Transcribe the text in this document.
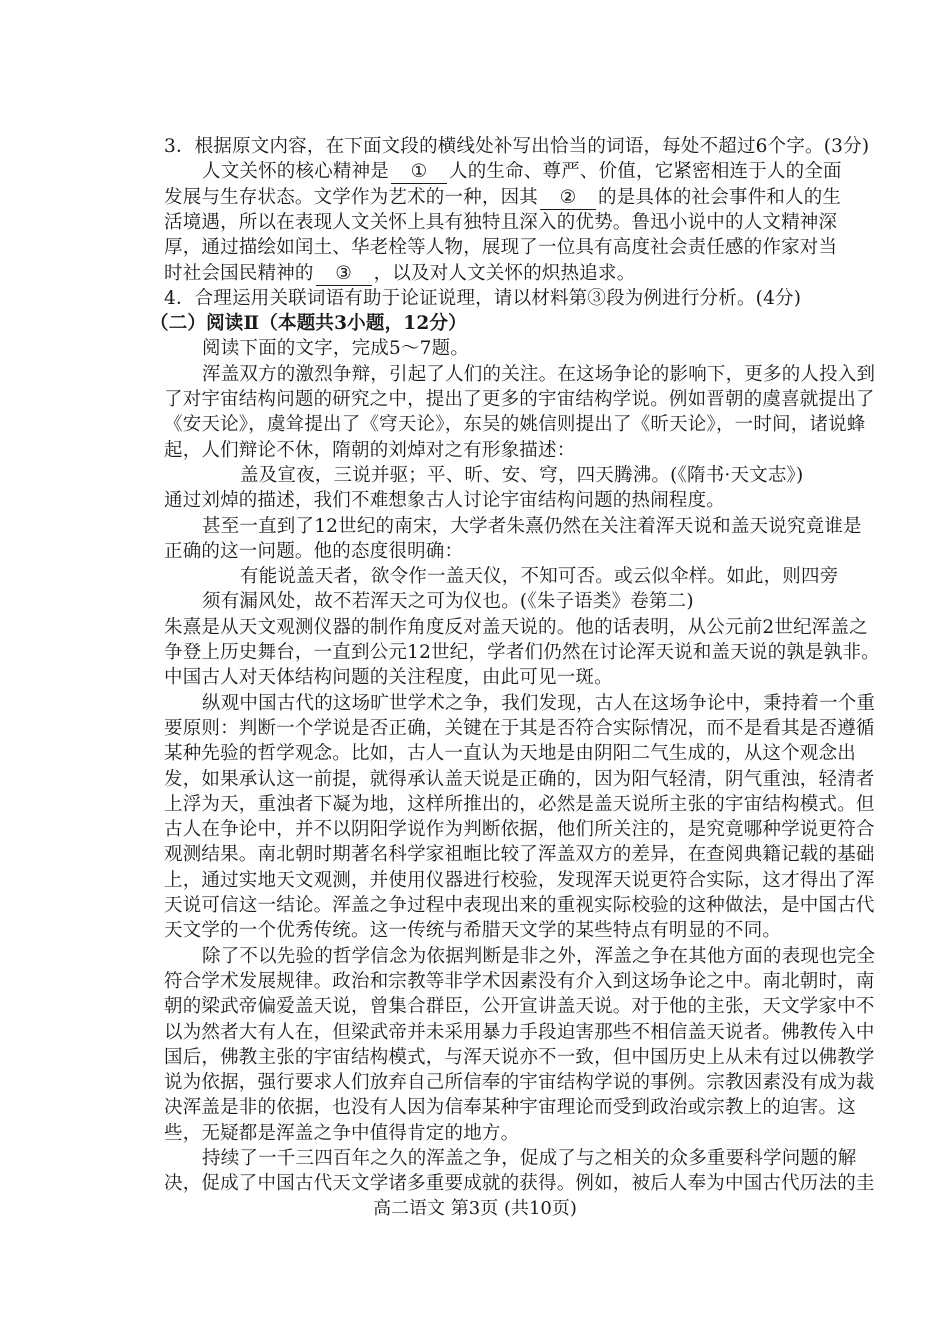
3．根据原文内容，在下面文段的横线处补写出恰当的词语，每处不超过6个字。(3分)
人文关怀的核心精神是 ① 人的生命、尊严、价值，它紧密相连于人的全面
发展与生存状态。文学作为艺术的一种，因其 ② 的是具体的社会事件和人的生
活境遇，所以在表现人文关怀上具有独特且深入的优势。鲁迅小说中的人文精神深
厚，通过描绘如闰土、华老栓等人物，展现了一位具有高度社会责任感的作家对当
时社会国民精神的 ③ ，以及对人文关怀的炽热追求。
4．合理运用关联词语有助于论证说理，请以材料第③段为例进行分析。(4分)
（二）阅读Ⅱ（本题共3小题，12分）
阅读下面的文字，完成5～7题。
浑盖双方的激烈争辩，引起了人们的关注。在这场争论的影响下，更多的人投入到
了对宇宙结构问题的研究之中，提出了更多的宇宙结构学说。例如晋朝的虞喜就提出了
《安天论》，虞耸提出了《穹天论》，东吴的姚信则提出了《昕天论》，一时间，诸说蜂
起，人们辩论不休，隋朝的刘焯对之有形象描述：
盖及宣夜，三说并驱；平、昕、安、穹，四天腾沸。(《隋书·天文志》)
通过刘焯的描述，我们不难想象古人讨论宇宙结构问题的热闹程度。
甚至一直到了12世纪的南宋，大学者朱熹仍然在关注着浑天说和盖天说究竟谁是
正确的这一问题。他的态度很明确：
有能说盖天者，欲令作一盖天仪，不知可否。或云似伞样。如此，则四旁
须有漏风处，故不若浑天之可为仪也。(《朱子语类》卷第二)
朱熹是从天文观测仪器的制作角度反对盖天说的。他的话表明，从公元前2世纪浑盖之
争登上历史舞台，一直到公元12世纪，学者们仍然在讨论浑天说和盖天说的孰是孰非。
中国古人对天体结构问题的关注程度，由此可见一斑。
纵观中国古代的这场旷世学术之争，我们发现，古人在这场争论中，秉持着一个重
要原则：判断一个学说是否正确，关键在于其是否符合实际情况，而不是看其是否遵循
某种先验的哲学观念。比如，古人一直认为天地是由阴阳二气生成的，从这个观念出
发，如果承认这一前提，就得承认盖天说是正确的，因为阳气轻清，阴气重浊，轻清者
上浮为天，重浊者下凝为地，这样所推出的，必然是盖天说所主张的宇宙结构模式。但
古人在争论中，并不以阴阳学说作为判断依据，他们所关注的，是究竟哪种学说更符合
观测结果。南北朝时期著名科学家祖暅比较了浑盖双方的差异，在查阅典籍记载的基础
上，通过实地天文观测，并使用仪器进行校验，发现浑天说更符合实际，这才得出了浑
天说可信这一结论。浑盖之争过程中表现出来的重视实际校验的这种做法，是中国古代
天文学的一个优秀传统。这一传统与希腊天文学的某些特点有明显的不同。
除了不以先验的哲学信念为依据判断是非之外，浑盖之争在其他方面的表现也完全
符合学术发展规律。政治和宗教等非学术因素没有介入到这场争论之中。南北朝时，南
朝的梁武帝偏爱盖天说，曾集合群臣，公开宣讲盖天说。对于他的主张，天文学家中不
以为然者大有人在，但梁武帝并未采用暴力手段迫害那些不相信盖天说者。佛教传入中
国后，佛教主张的宇宙结构模式，与浑天说亦不一致，但中国历史上从未有过以佛教学
说为依据，强行要求人们放弃自己所信奉的宇宙结构学说的事例。宗教因素没有成为裁
决浑盖是非的依据，也没有人因为信奉某种宇宙理论而受到政治或宗教上的迫害。这
些，无疑都是浑盖之争中值得肯定的地方。
高二语文 第3页 (共10页)
持续了一千三四百年之久的浑盖之争，促成了与之相关的众多重要科学问题的解
决，促成了中国古代天文学诸多重要成就的获得。例如，被后人奉为中国古代历法的圭
